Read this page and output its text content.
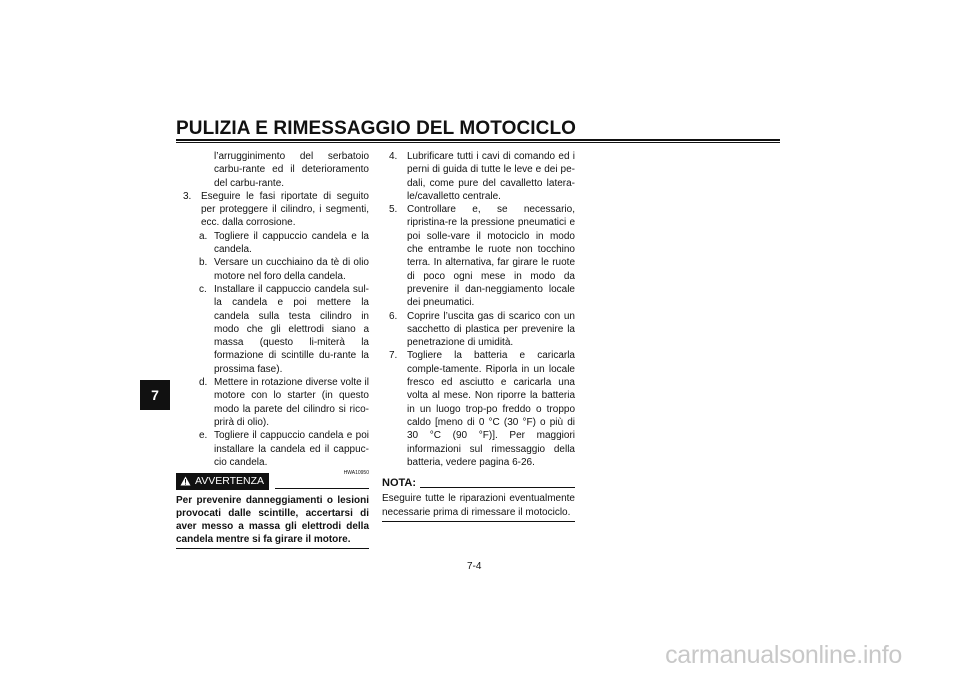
PULIZIA E RIMESSAGGIO DEL MOTOCICLO
7
l’arrugginimento del serbatoio carbu-rante ed il deterioramento del carbu-rante.
3. Eseguire le fasi riportate di seguito per proteggere il cilindro, i segmenti, ecc. dalla corrosione.
a. Togliere il cappuccio candela e la candela.
b. Versare un cucchiaino da tè di olio motore nel foro della candela.
c. Installare il cappuccio candela sul-la candela e poi mettere la candela sulla testa cilindro in modo che gli elettrodi siano a massa (questo li-miterà la formazione di scintille du-rante la prossima fase).
d. Mettere in rotazione diverse volte il motore con lo starter (in questo modo la parete del cilindro si rico-prirà di olio).
e. Togliere il cappuccio candela e poi installare la candela ed il cappuc-cio candela.
HWA10950
AVVERTENZA
Per prevenire danneggiamenti o lesioni provocati dalle scintille, accertarsi di aver messo a massa gli elettrodi della candela mentre si fa girare il motore.
4. Lubrificare tutti i cavi di comando ed i perni di guida di tutte le leve e dei pe-dali, come pure del cavalletto latera-le/cavalletto centrale.
5. Controllare e, se necessario, ripristina-re la pressione pneumatici e poi solle-vare il motociclo in modo che entrambe le ruote non tocchino terra. In alternativa, far girare le ruote di poco ogni mese in modo da prevenire il dan-neggiamento locale dei pneumatici.
6. Coprire l’uscita gas di scarico con un sacchetto di plastica per prevenire la penetrazione di umidità.
7. Togliere la batteria e caricarla comple-tamente. Riporla in un locale fresco ed asciutto e caricarla una volta al mese. Non riporre la batteria in un luogo trop-po freddo o troppo caldo [meno di 0 °C (30 °F) o più di 30 °C (90 °F)]. Per maggiori informazioni sul rimessaggio della batteria, vedere pagina 6-26.
NOTA:
Eseguire tutte le riparazioni eventualmente necessarie prima di rimessare il motociclo.
7-4
carmanualsonline.info
